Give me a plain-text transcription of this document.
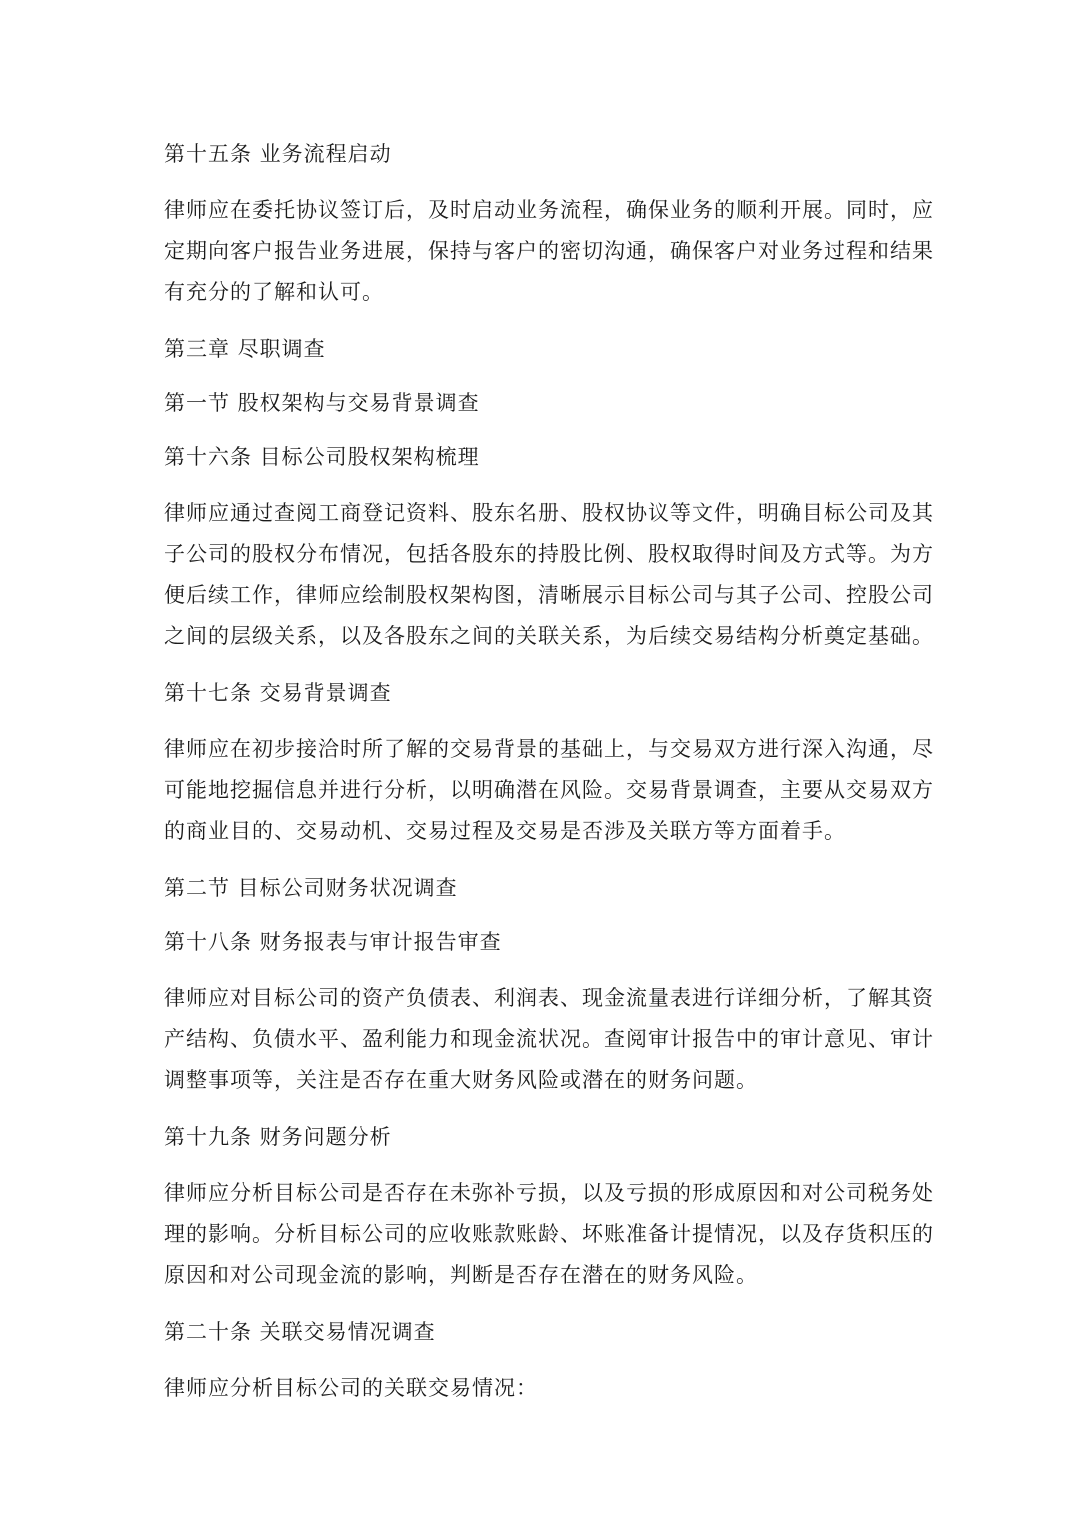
第十五条 业务流程启动
律师应在委托协议签订后，及时启动业务流程，确保业务的顺利开展。同时，应
定期向客户报告业务进展，保持与客户的密切沟通，确保客户对业务过程和结果
有充分的了解和认可。
第三章 尽职调查
第一节 股权架构与交易背景调查
第十六条 目标公司股权架构梳理
律师应通过查阅工商登记资料、股东名册、股权协议等文件，明确目标公司及其
子公司的股权分布情况，包括各股东的持股比例、股权取得时间及方式等。为方
便后续工作，律师应绘制股权架构图，清晰展示目标公司与其子公司、控股公司
之间的层级关系，以及各股东之间的关联关系，为后续交易结构分析奠定基础。
第十七条 交易背景调查
律师应在初步接洽时所了解的交易背景的基础上，与交易双方进行深入沟通，尽
可能地挖掘信息并进行分析，以明确潜在风险。交易背景调查，主要从交易双方
的商业目的、交易动机、交易过程及交易是否涉及关联方等方面着手。
第二节 目标公司财务状况调查
第十八条 财务报表与审计报告审查
律师应对目标公司的资产负债表、利润表、现金流量表进行详细分析，了解其资
产结构、负债水平、盈利能力和现金流状况。查阅审计报告中的审计意见、审计
调整事项等，关注是否存在重大财务风险或潜在的财务问题。
第十九条 财务问题分析
律师应分析目标公司是否存在未弥补亏损，以及亏损的形成原因和对公司税务处
理的影响。分析目标公司的应收账款账龄、坏账准备计提情况，以及存货积压的
原因和对公司现金流的影响，判断是否存在潜在的财务风险。
第二十条 关联交易情况调查
律师应分析目标公司的关联交易情况：
